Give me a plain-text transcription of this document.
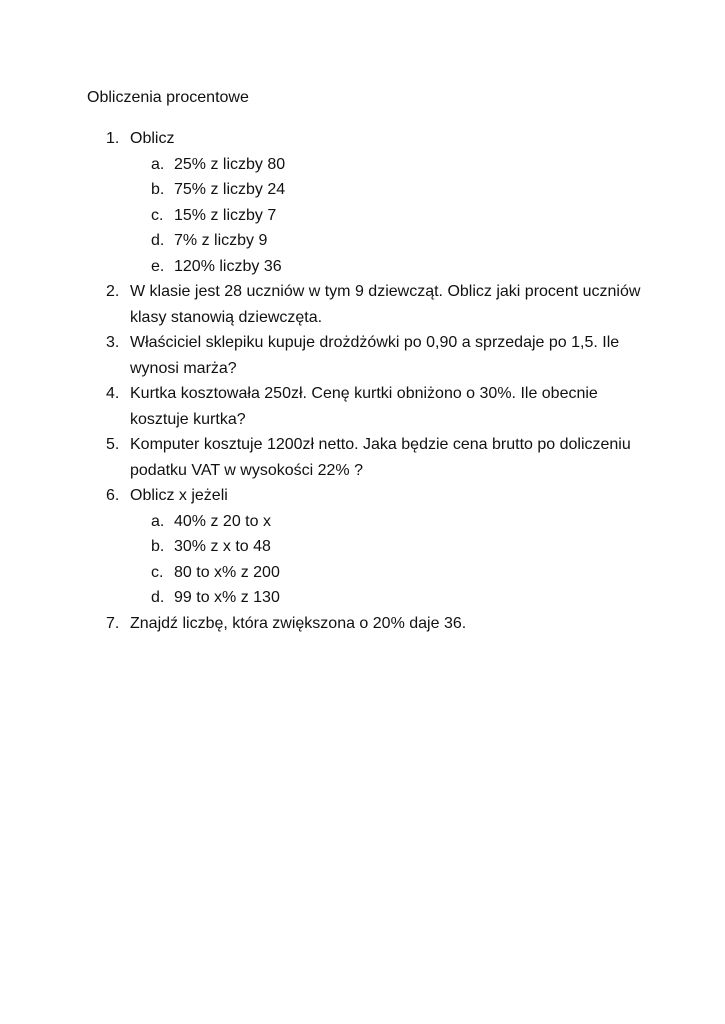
Obliczenia procentowe
1. Oblicz
a. 25% z liczby 80
b. 75% z liczby 24
c. 15% z liczby 7
d. 7% z liczby 9
e. 120% liczby 36
2. W klasie jest 28 uczniów w tym 9 dziewcząt. Oblicz jaki procent uczniów klasy stanowią dziewczęta.
3. Właściciel sklepiku kupuje drożdżówki po 0,90 a sprzedaje po 1,5. Ile wynosi marża?
4. Kurtka kosztowała 250zł. Cenę kurtki obniżono o 30%. Ile obecnie kosztuje kurtka?
5. Komputer kosztuje 1200zł netto. Jaka będzie cena brutto po doliczeniu podatku VAT w wysokości 22% ?
6. Oblicz x jeżeli
a. 40% z 20 to x
b. 30% z x to 48
c. 80 to x% z 200
d. 99 to x% z 130
7. Znajdź liczbę, która zwiększona o 20% daje 36.
